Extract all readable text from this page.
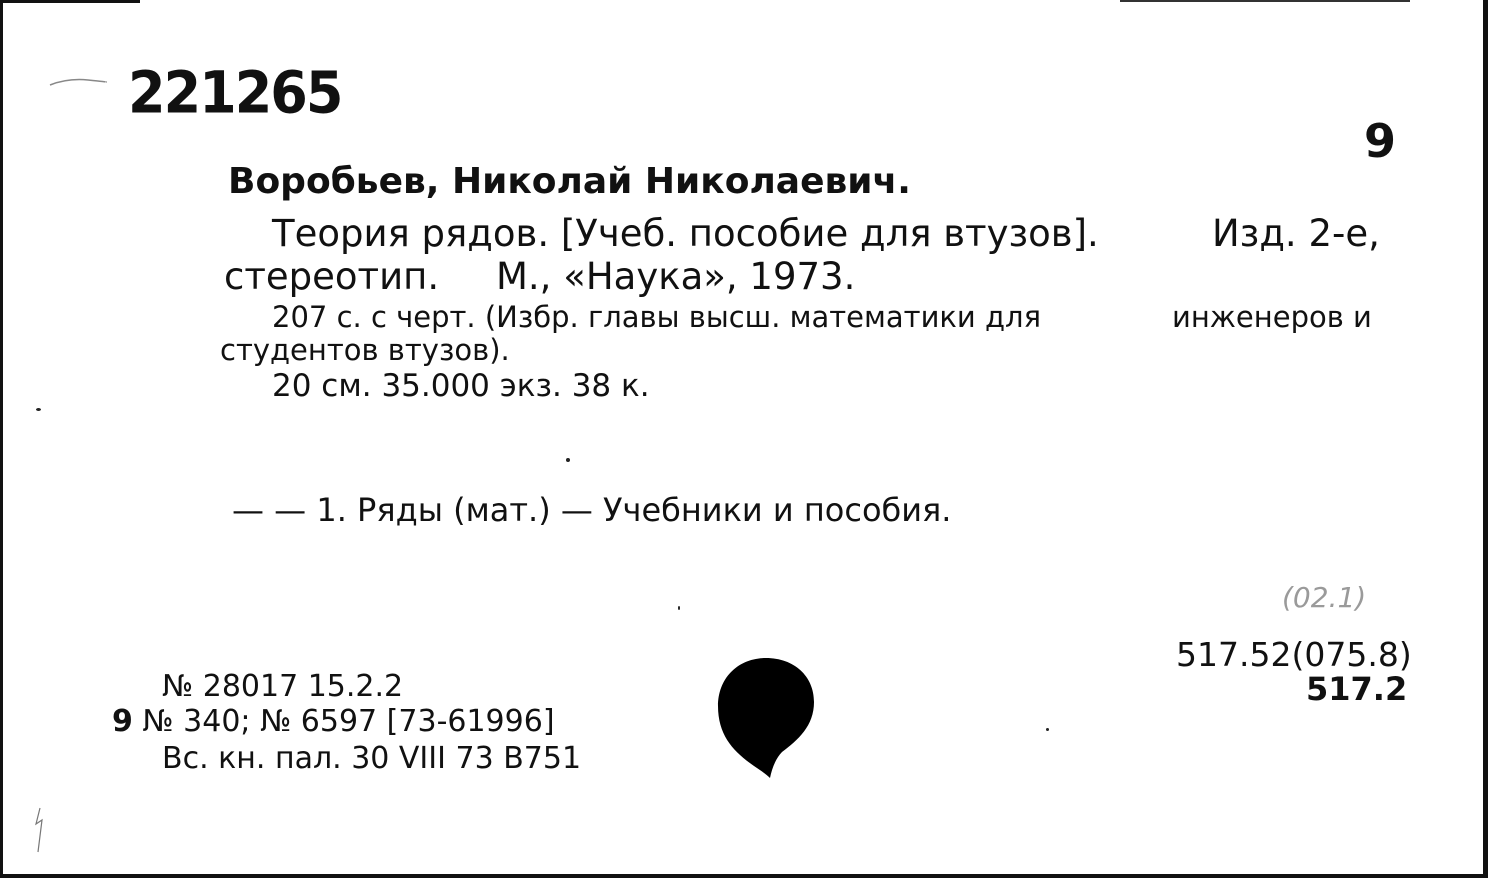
221265
9
Воробьев, Николай Николаевич.
Теория рядов. [Учеб. пособие для втузов].	Изд. 2-е,
стереотип. М., «Наука», 1973.
207 с. с черт. (Избр. главы высш. математики для	инженеров и
студентов втузов).
20 см. 35.000 экз. 38 к.
— — 1. Ряды (мат.) — Учебники и пособия.
(02.1)
517.52(075.8)
517.2
№ 28017 15.2.2
9 № 340; № 6597 [73-61996]
Вс. кн. пал. 30 VIII 73 В751
